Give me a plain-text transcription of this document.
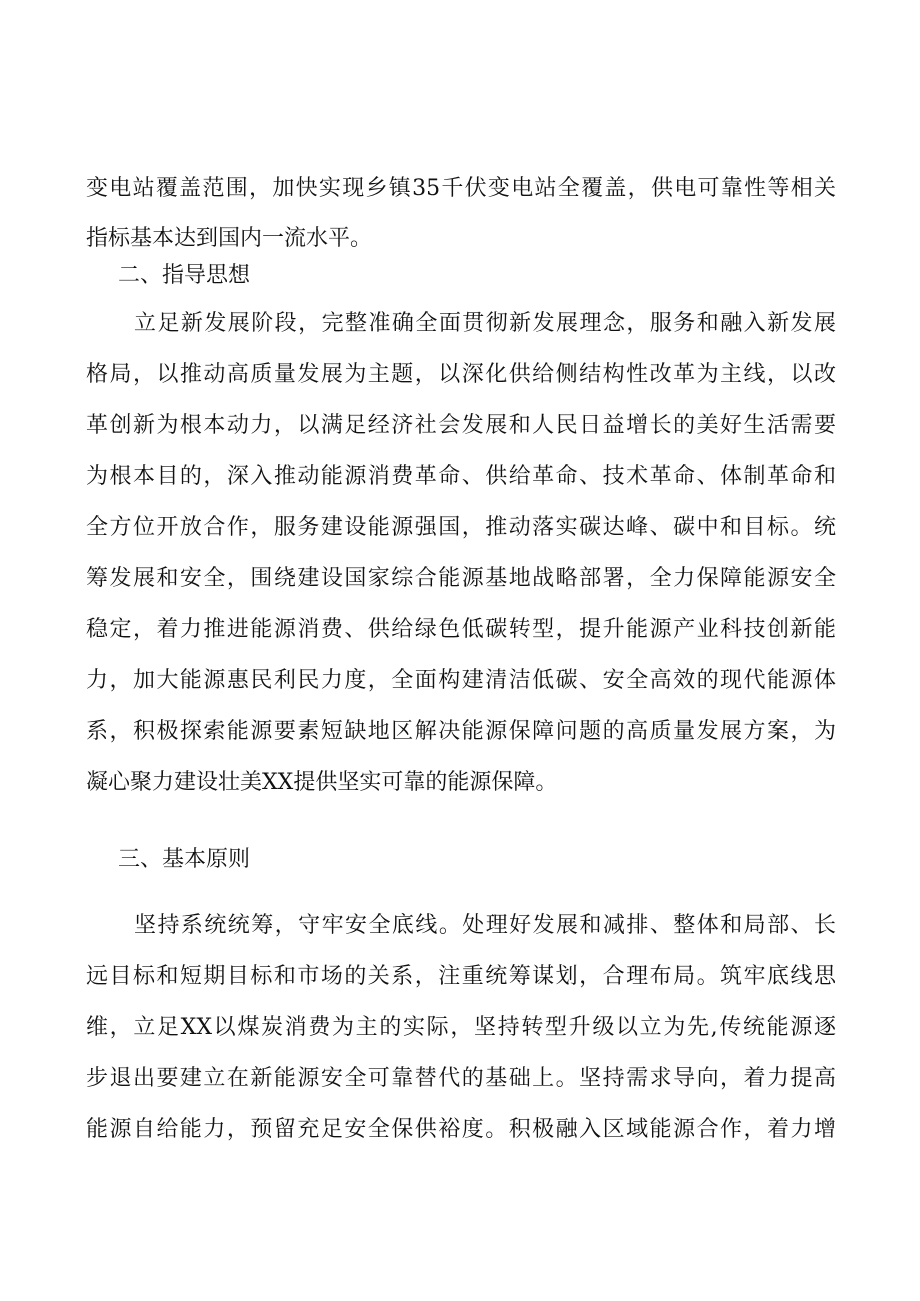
变电站覆盖范围，加快实现乡镇35千伏变电站全覆盖，供电可靠性等相关
指标基本达到国内一流水平。
二、指导思想
立足新发展阶段，完整准确全面贯彻新发展理念，服务和融入新发展
格局，以推动高质量发展为主题，以深化供给侧结构性改革为主线，以改
革创新为根本动力，以满足经济社会发展和人民日益增长的美好生活需要
为根本目的，深入推动能源消费革命、供给革命、技术革命、体制革命和
全方位开放合作，服务建设能源强国，推动落实碳达峰、碳中和目标。统
筹发展和安全，围绕建设国家综合能源基地战略部署，全力保障能源安全
稳定，着力推进能源消费、供给绿色低碳转型，提升能源产业科技创新能
力，加大能源惠民利民力度，全面构建清洁低碳、安全高效的现代能源体
系，积极探索能源要素短缺地区解决能源保障问题的高质量发展方案，为
凝心聚力建设壮美XX提供坚实可靠的能源保障。
三、基本原则
坚持系统统筹，守牢安全底线。处理好发展和减排、整体和局部、长
远目标和短期目标和市场的关系，注重统筹谋划，合理布局。筑牢底线思
维，立足XX以煤炭消费为主的实际，坚持转型升级以立为先,传统能源逐
步退出要建立在新能源安全可靠替代的基础上。坚持需求导向，着力提高
能源自给能力，预留充足安全保供裕度。积极融入区域能源合作，着力增
